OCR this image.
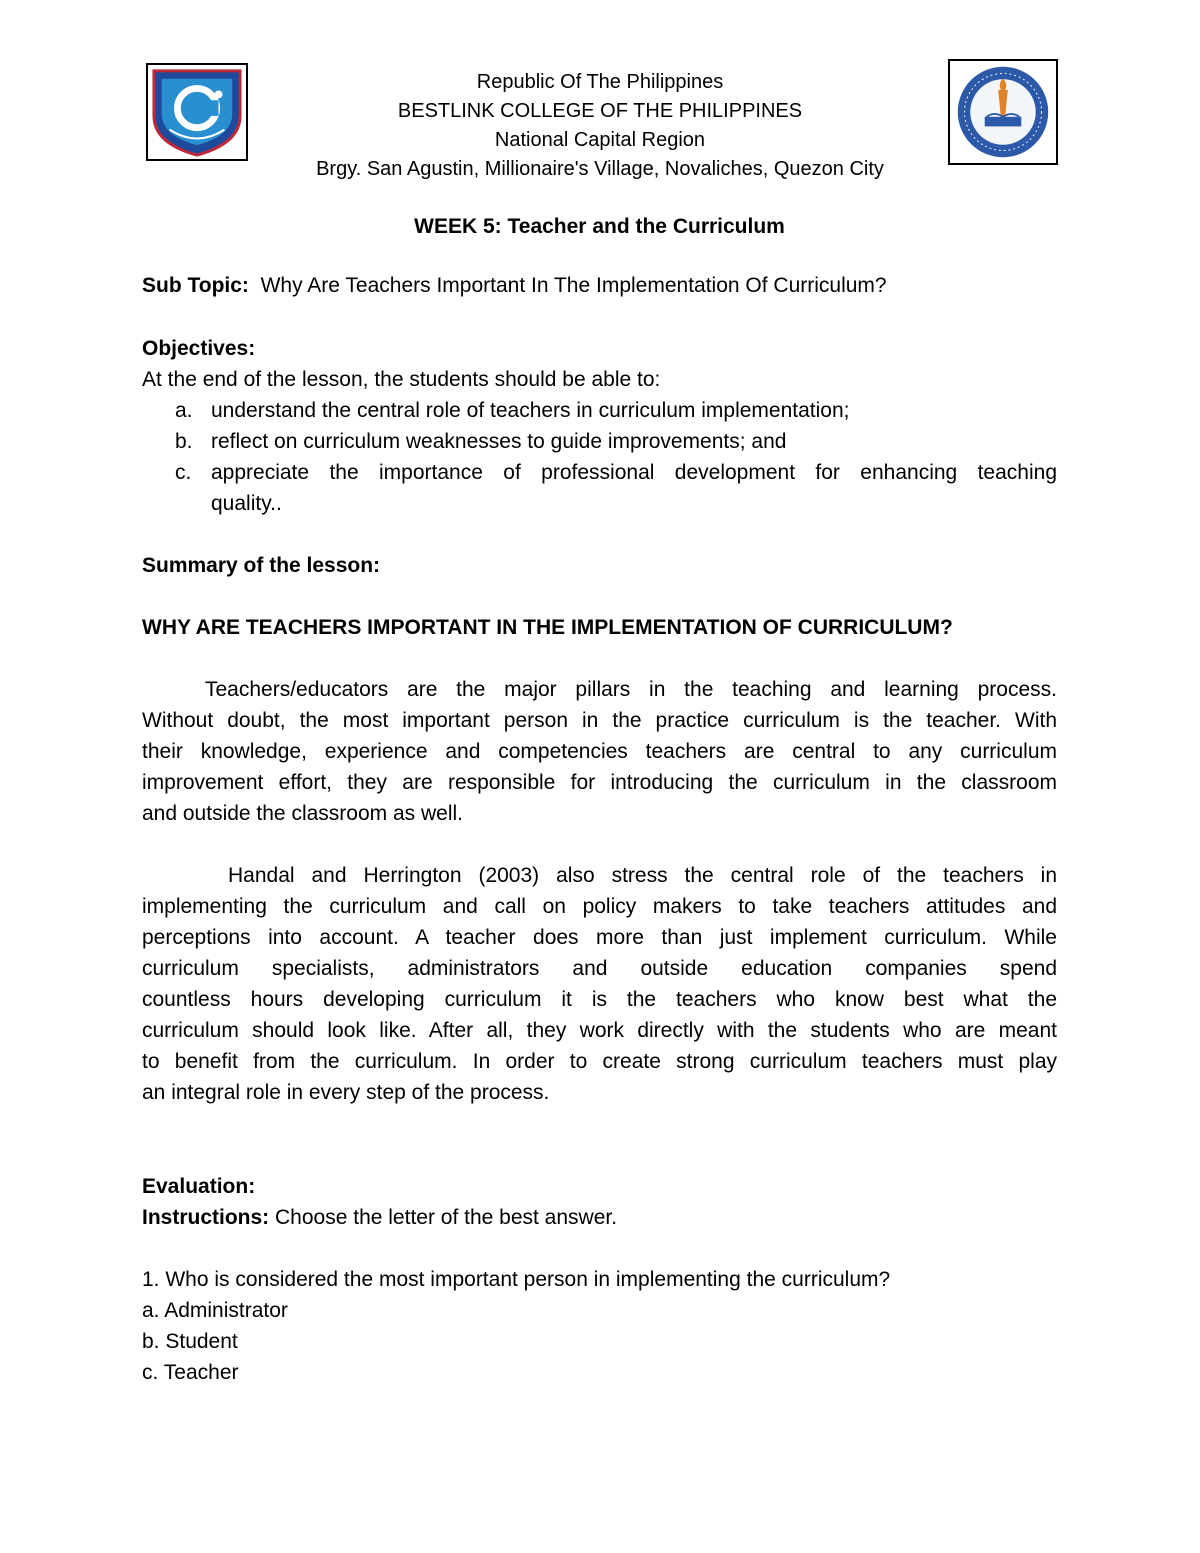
Republic Of The Philippines
BESTLINK COLLEGE OF THE PHILIPPINES
National Capital Region
Brgy. San Agustin, Millionaire's Village, Novaliches, Quezon City
WEEK 5: Teacher and the Curriculum
Sub Topic: Why Are Teachers Important In The Implementation Of Curriculum?
Objectives:
At the end of the lesson, the students should be able to:
a. understand the central role of teachers in curriculum implementation;
b. reflect on curriculum weaknesses to guide improvements; and
c. appreciate the importance of professional development for enhancing teaching
quality..
Summary of the lesson:
WHY ARE TEACHERS IMPORTANT IN THE IMPLEMENTATION OF CURRICULUM?
Teachers/educators are the major pillars in the teaching and learning process.
Without doubt, the most important person in the practice curriculum is the teacher. With
their knowledge, experience and competencies teachers are central to any curriculum
improvement effort, they are responsible for introducing the curriculum in the classroom
and outside the classroom as well.
Handal and Herrington (2003) also stress the central role of the teachers in
implementing the curriculum and call on policy makers to take teachers attitudes and
perceptions into account. A teacher does more than just implement curriculum. While
curriculum specialists, administrators and outside education companies spend
countless hours developing curriculum it is the teachers who know best what the
curriculum should look like. After all, they work directly with the students who are meant
to benefit from the curriculum. In order to create strong curriculum teachers must play
an integral role in every step of the process.
Evaluation:
Instructions: Choose the letter of the best answer.
1. Who is considered the most important person in implementing the curriculum?
a. Administrator
b. Student
c. Teacher
